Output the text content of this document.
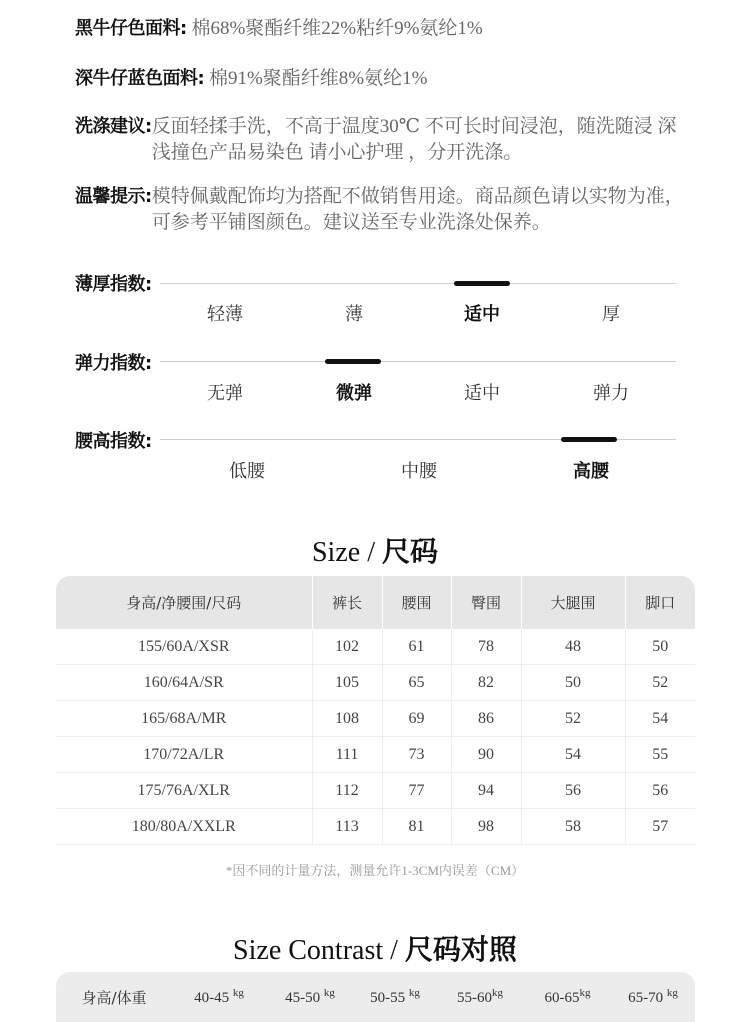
黑牛仔色面料: 棉68%聚酯纤维22%粘纤9%氨纶1%
深牛仔蓝色面料: 棉91%聚酯纤维8%氨纶1%
洗涤建议: 反面轻揉手洗，不高于温度30℃ 不可长时间浸泡，随洗随浸 深浅撞色产品易染色 请小心护理 ，分开洗涤。
温馨提示: 模特佩戴配饰均为搭配不做销售用途。商品颜色请以实物为准，可参考平铺图颜色。建议送至专业洗涤处保养。
薄厚指数:
轻薄	薄	适中	厚
弹力指数:
无弹	微弹	适中	弹力
腰高指数:
低腰	中腰	高腰
Size / 尺码
身高/净腰围/尺码	裤长	腰围	臀围	大腿围	脚口
155/60A/XSR	102	61	78	48	50
160/64A/SR	105	65	82	50	52
165/68A/MR	108	69	86	52	54
170/72A/LR	111	73	90	54	55
175/76A/XLR	112	77	94	56	56
180/80A/XXLR	113	81	98	58	57
*因不同的计量方法，测量允许1-3CM内误差（CM）
Size Contrast / 尺码对照
身高/体重	40-45 $^{kg}$	45-50 $^{kg}$	50-55 $^{kg}$	$55-60^{kg}$	$60-65^{kg}$	65-70 $^{kg}$
